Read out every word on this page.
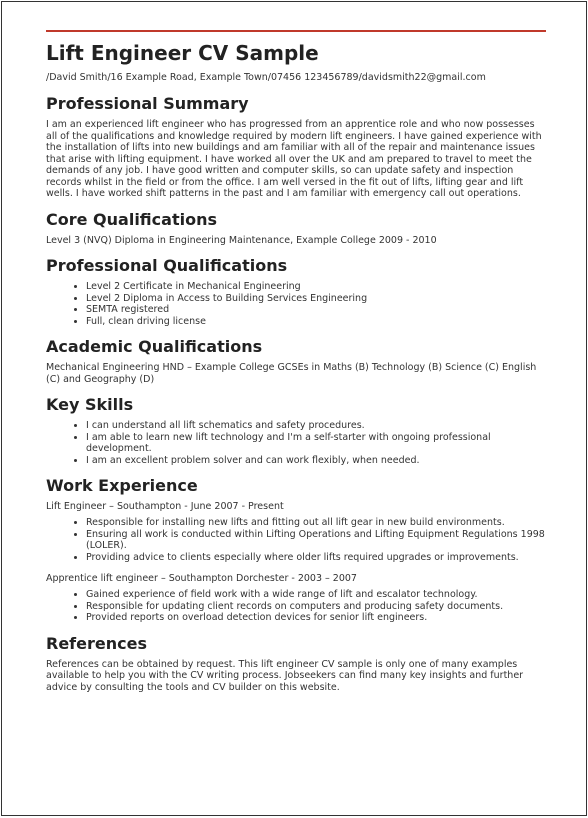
Lift Engineer CV Sample
/David Smith/16 Example Road, Example Town/07456 123456789/davidsmith22@gmail.com
Professional Summary

I am an experienced lift engineer who has progressed from an apprentice role and who now possesses all of the qualifications and knowledge required by modern lift engineers. I have gained experience with the installation of lifts into new buildings and am familiar with all of the repair and maintenance issues that arise with lifting equipment. I have worked all over the UK and am prepared to travel to meet the demands of any job. I have good written and computer skills, so can update safety and inspection records whilst in the field or from the office. I am well versed in the fit out of lifts, lifting gear and lift wells. I have worked shift patterns in the past and I am familiar with emergency call out operations.

Core Qualifications

Level 3 (NVQ) Diploma in Engineering Maintenance, Example College 2009 - 2010

Professional Qualifications
• Level 2 Certificate in Mechanical Engineering
• Level 2 Diploma in Access to Building Services Engineering
• SEMTA registered
• Full, clean driving license
Academic Qualifications

Mechanical Engineering HND – Example College GCSEs in Maths (B) Technology (B) Science (C) English (C) and Geography (D)

Key Skills
• I can understand all lift schematics and safety procedures.
• I am able to learn new lift technology and I'm a self-starter with ongoing professional development.
• I am an excellent problem solver and can work flexibly, when needed.
Work Experience
Lift Engineer – Southampton - June 2007 - Present
• Responsible for installing new lifts and fitting out all lift gear in new build environments.
• Ensuring all work is conducted within Lifting Operations and Lifting Equipment Regulations 1998 (LOLER).
• Providing advice to clients especially where older lifts required upgrades or improvements.
Apprentice lift engineer – Southampton Dorchester - 2003 – 2007
• Gained experience of field work with a wide range of lift and escalator technology.
• Responsible for updating client records on computers and producing safety documents.
• Provided reports on overload detection devices for senior lift engineers.
References

References can be obtained by request. This lift engineer CV sample is only one of many examples available to help you with the CV writing process. Jobseekers can find many key insights and further advice by consulting the tools and CV builder on this website.
